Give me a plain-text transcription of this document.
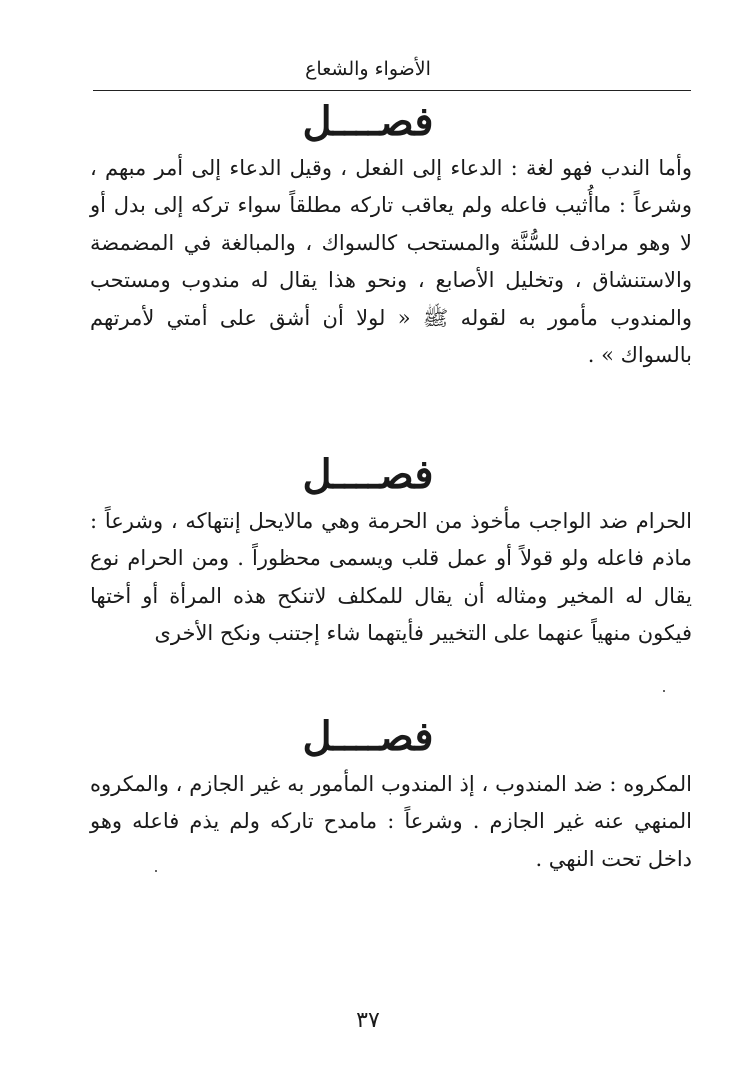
الأضواء والشعاع
فصــــل

وأما الندب فهو لغة : الدعاء إلى الفعل ، وقيل الدعاء إلى أمر مبهم ، وشرعاً : ماأُثيب فاعله ولم يعاقب تاركه مطلقاً سواء تركه إلى بدل أو لا وهو مرادف للسُّنَّة والمستحب كالسواك ، والمبالغة في المضمضة والاستنشاق ، وتخليل الأصابع ، ونحو هذا يقال له مندوب ومستحب والمندوب مأمور به لقوله ﷺ « لولا أن أشق على أمتي لأمرتهم بالسواك » .

فصــــل

الحرام ضد الواجب مأخوذ من الحرمة وهي مالايحل إنتهاكه ، وشرعاً : ماذم فاعله ولو قولاً أو عمل قلب ويسمى محظوراً . ومن الحرام نوع يقال له المخير ومثاله أن يقال للمكلف لاتنكح هذه المرأة أو أختها فيكون منهياً عنهما على التخيير فأيتهما شاء إجتنب ونكح الأخرى

فصــــل

المكروه : ضد المندوب ، إذ المندوب المأمور به غير الجازم ، والمكروه المنهي عنه غير الجازم . وشرعاً : مامدح تاركه ولم يذم فاعله وهو داخل تحت النهي .

٣٧
